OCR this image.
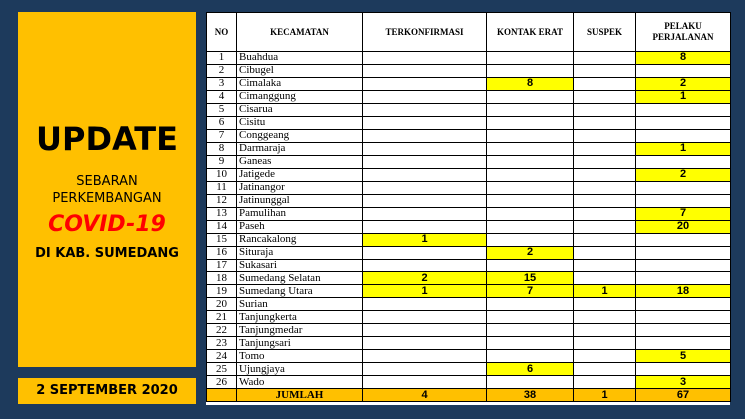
UPDATE
SEBARAN
PERKEMBANGAN
COVID-19
DI KAB. SUMEDANG
2 SEPTEMBER 2020
NO	KECAMATAN	TERKONFIRMASI	KONTAK ERAT	SUSPEK	PELAKU PERJALANAN
1	Buahdua				8
2	Cibugel				
3	Cimalaka		8		2
4	Cimanggung				1
5	Cisarua				
6	Cisitu				
7	Conggeang				
8	Darmaraja				1
9	Ganeas				
10	Jatigede				2
11	Jatinangor				
12	Jatinunggal				
13	Pamulihan				7
14	Paseh				20
15	Rancakalong	1			
16	Situraja		2		
17	Sukasari				
18	Sumedang Selatan	2	15		
19	Sumedang Utara	1	7	1	18
20	Surian				
21	Tanjungkerta				
22	Tanjungmedar				
23	Tanjungsari				
24	Tomo				5
25	Ujungjaya		6		
26	Wado				3
	JUMLAH	4	38	1	67
